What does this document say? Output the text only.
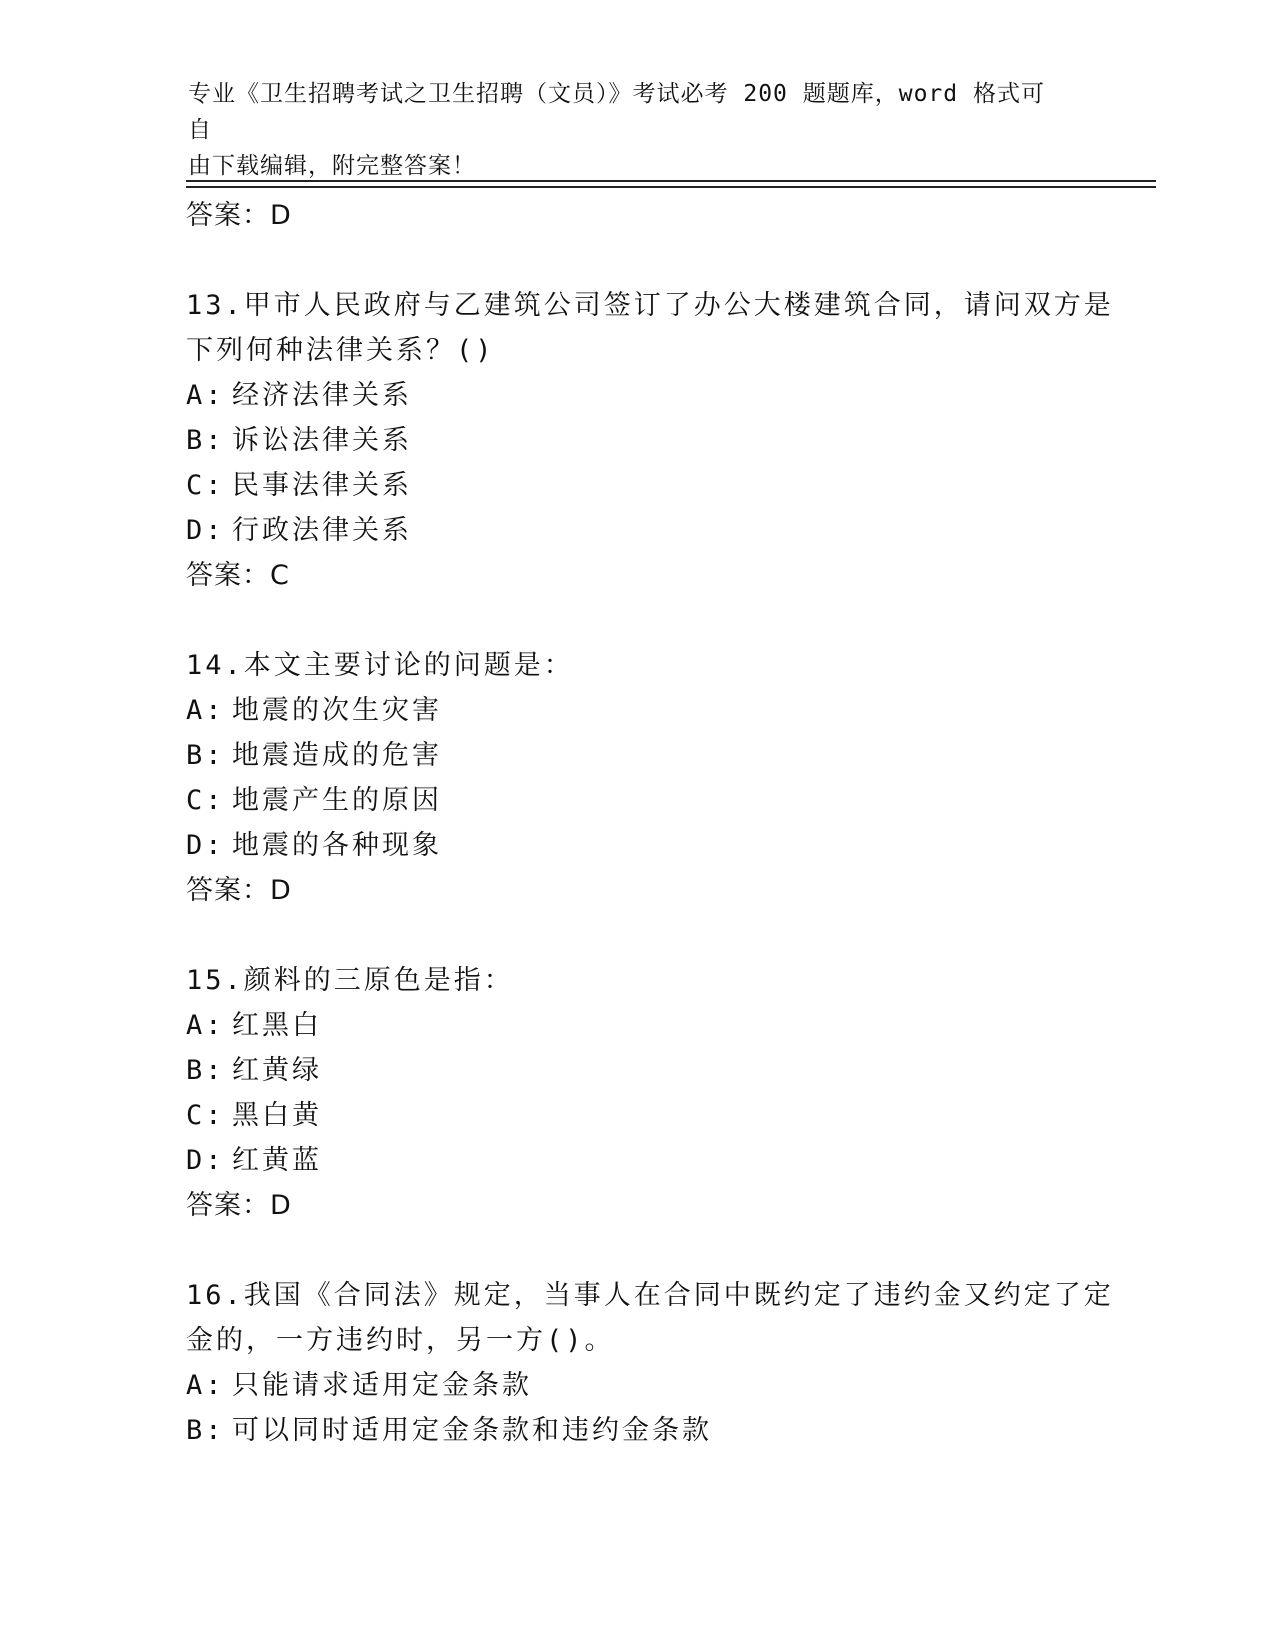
专业《卫生招聘考试之卫生招聘（文员）》考试必考 200 题题库，word 格式可自
由下载编辑，附完整答案！
答案：D
13.甲市人民政府与乙建筑公司签订了办公大楼建筑合同，请问双方是
下列何种法律关系？()
A: 经济法律关系
B: 诉讼法律关系
C: 民事法律关系
D: 行政法律关系
答案：C
14.本文主要讨论的问题是：
A: 地震的次生灾害
B: 地震造成的危害
C: 地震产生的原因
D: 地震的各种现象
答案：D
15.颜料的三原色是指：
A: 红黑白
B: 红黄绿
C: 黑白黄
D: 红黄蓝
答案：D
16.我国《合同法》规定，当事人在合同中既约定了违约金又约定了定
金的，一方违约时，另一方()。
A: 只能请求适用定金条款
B: 可以同时适用定金条款和违约金条款
